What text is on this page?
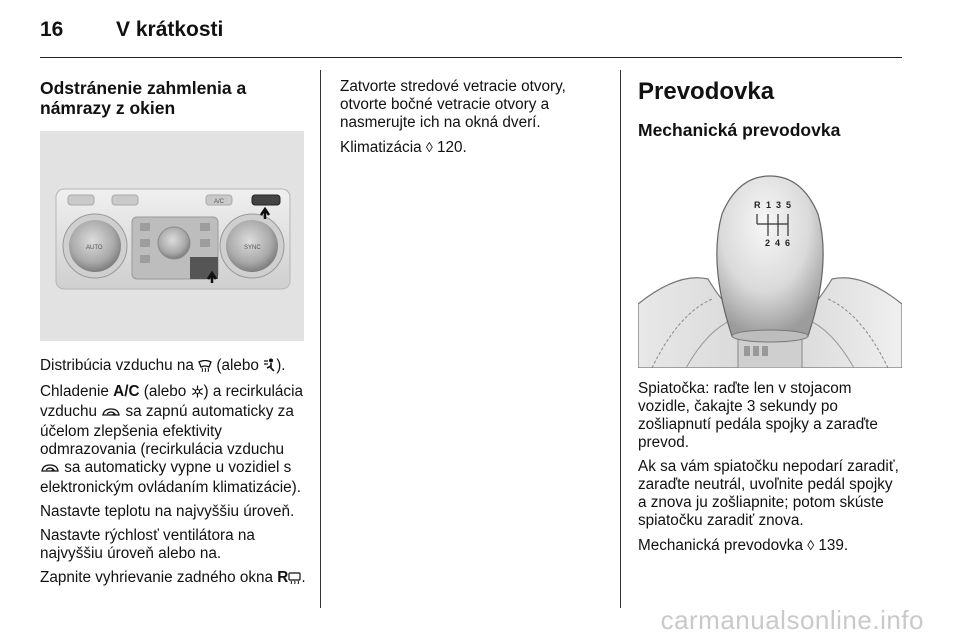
16	V krátkosti
Odstránenie zahmlenia a námrazy z okien
AUTO	SYNC
A/C

Distribúcia vzduchu na  (alebo ).

Chladenie A/C (alebo ) a recirkulácia vzduchu  sa zapnú automaticky za účelom zlepšenia efektivity odmrazovania (recirkulácia vzduchu  sa automaticky vypne u vozidiel s elektronickým ovládaním klimatizácie).

Nastavte teplotu na najvyššiu úroveň.

Nastavte rýchlosť ventilátora na najvyššiu úroveň alebo na.

Zapnite vyhrievanie zadného okna R .

Zatvorte stredové vetracie otvory, otvorte bočné vetracie otvory a nasmerujte ich na okná dverí.

Klimatizácia ◊ 120.

Prevodovka
Mechanická prevodovka
R 1 3 5
2 4 6

Spiatočka: raďte len v stojacom vozidle, čakajte 3 sekundy po zošliapnutí pedála spojky a zaraďte prevod.

Ak sa vám spiatočku nepodarí zaradiť, zaraďte neutrál, uvoľnite pedál spojky a znova ju zošliapnite; potom skúste spiatočku zaradiť znova.

Mechanická prevodovka ◊ 139.

carmanualsonline.info
